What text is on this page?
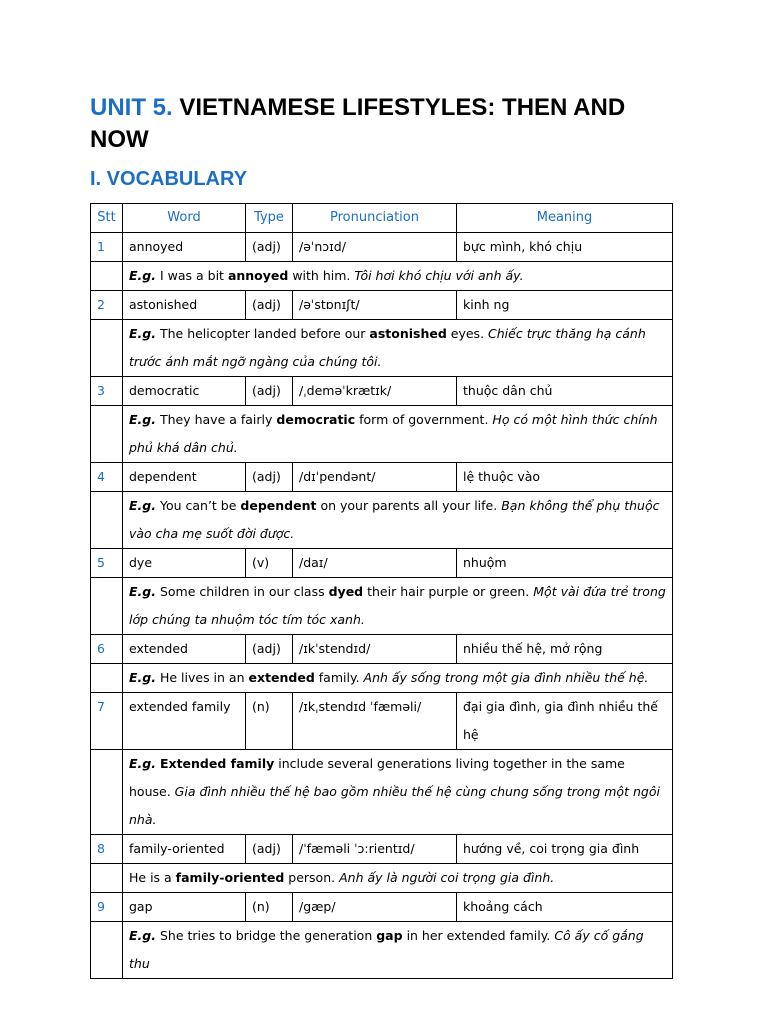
UNIT 5. VIETNAMESE LIFESTYLES: THEN AND NOW
I. VOCABULARY
Stt	Word	Type	Pronunciation	Meaning
1	annoyed	(adj)	/əˈnɔɪd/	bực mình, khó chịu
	E.g. I was a bit annoyed with him. Tôi hơi khó chịu với anh ấy.			
2	astonished	(adj)	/əˈstɒnɪʃt/	kinh ng
	E.g. The helicopter landed before our astonished eyes. Chiếc trực thăng hạ cánh trước ánh mắt ngỡ ngàng của chúng tôi.			
3	democratic	(adj)	/ˌdeməˈkrætɪk/	thuộc dân chủ
	E.g. They have a fairly democratic form of government. Họ có một hình thức chính phủ khá dân chủ.			
4	dependent	(adj)	/dɪˈpendənt/	lệ thuộc vào
	E.g. You can’t be dependent on your parents all your life. Bạn không thể phụ thuộc vào cha mẹ suốt đời được.			
5	dye	(v)	/daɪ/	nhuộm
	E.g. Some children in our class dyed their hair purple or green. Một vài đứa trẻ trong lớp chúng ta nhuộm tóc tím tóc xanh.			
6	extended	(adj)	/ɪkˈstendɪd/	nhiều thế hệ, mở rộng
	E.g. He lives in an extended family. Anh ấy sống trong một gia đình nhiều thế hệ.			
7	extended family	(n)	/ɪkˌstendɪd ˈfæməli/	đại gia đình, gia đình nhiều thế hệ
	E.g. Extended family include several generations living together in the same house. Gia đình nhiều thế hệ bao gồm nhiều thế hệ cùng chung sống trong một ngôi nhà.			
8	family-oriented	(adj)	/ˈfæməli ˈɔ:rientɪd/	hướng về, coi trọng gia đình
	He is a family-oriented person. Anh ấy là người coi trọng gia đình.			
9	gap	(n)	/gæp/	khoảng cách
	E.g. She tries to bridge the generation gap in her extended family. Cô ấy cố gắng thu			
